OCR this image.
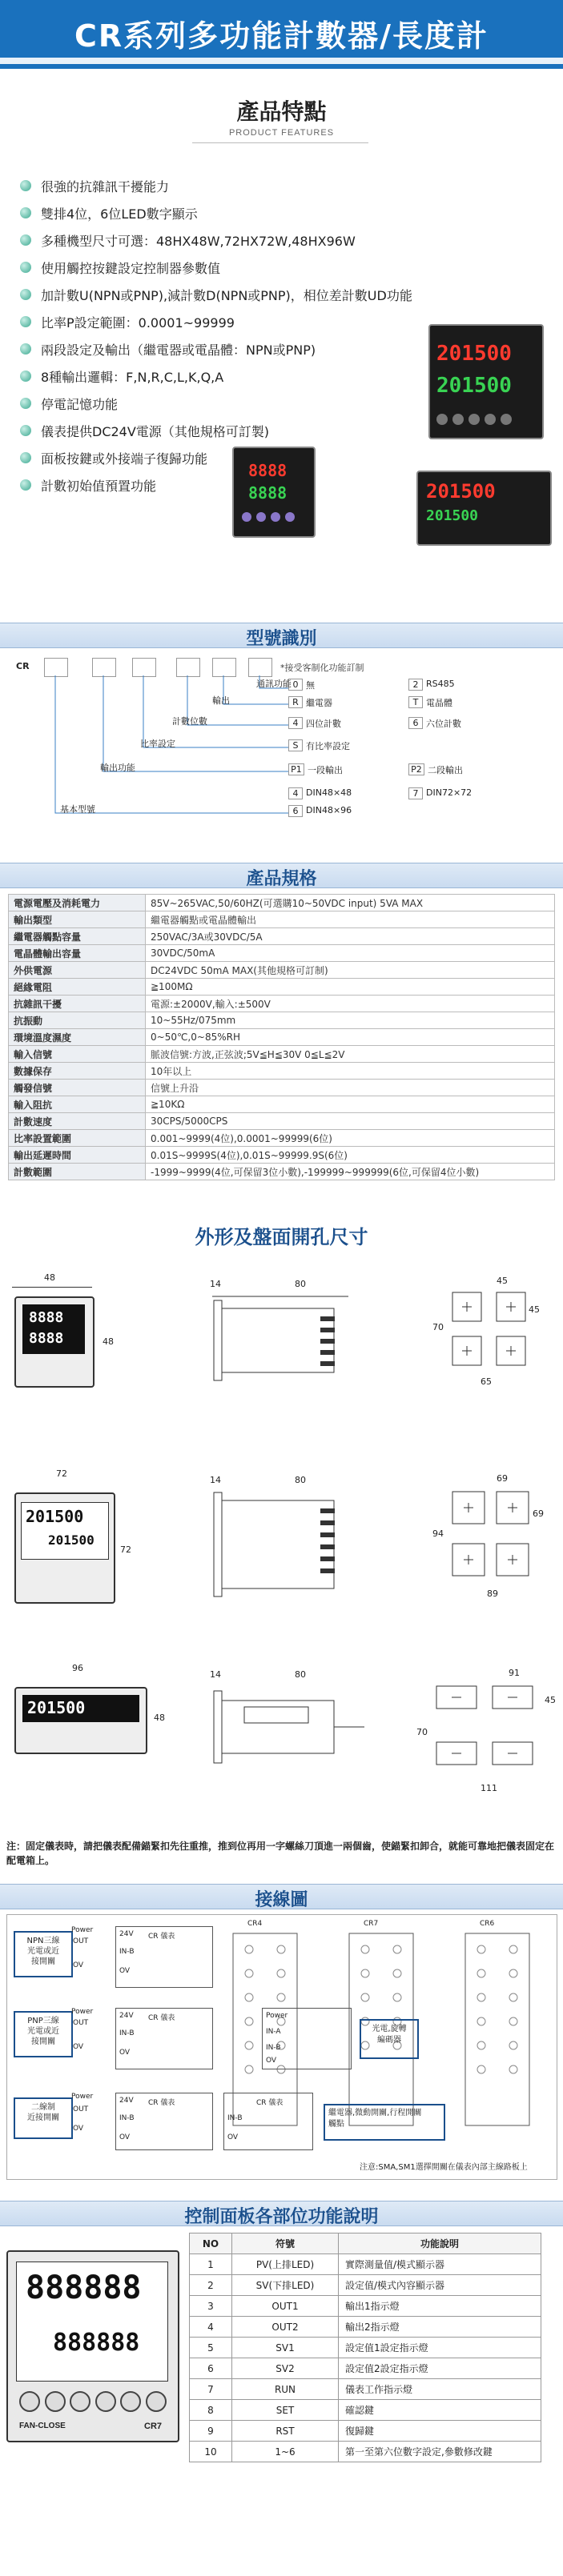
CR系列多功能計數器/長度計
產品特點
PRODUCT FEATURES
很強的抗雜訊干擾能力
雙排4位，6位LED數字顯示
多種機型尺寸可選：48HX48W,72HX72W,48HX96W
使用觸控按鍵設定控制器參數值
加計數U(NPN或PNP),減計數D(NPN或PNP)，相位差計數UD功能
比率P設定範圍：0.0001~99999
兩段設定及輸出（繼電器或電晶體：NPN或PNP)
8種輸出邏輯：F,N,R,C,L,K,Q,A
停電記憶功能
儀表提供DC24V電源（其他規格可訂製)
面板按鍵或外接端子復歸功能
計數初始值預置功能
201500
201500
8888
8888	201500
201500
型號識別
CR	*接受客制化功能訂制
通訊功能
輸出
計數位數
比率設定
輸出功能
基本型號
0 無	2 RS485
R 繼電器	T 電晶體
4 四位計數	6 六位計數
S 有比率設定
P1 一段輸出	P2 二段輸出
4 DIN48×48	7 DIN72×72
6 DIN48×96
產品規格
電源電壓及消耗電力	85V~265VAC,50/60HZ(可選購10~50VDC input) 5VA MAX
輸出類型	繼電器觸點或電晶體輸出
繼電器觸點容量	250VAC/3A或30VDC/5A
電晶體輸出容量	30VDC/50mA
外供電源	DC24VDC 50mA MAX(其他規格可訂制)
絕緣電阻	≧100MΩ
抗雜訊干擾	電源:±2000V,輸入:±500V
抗振動	10~55Hz/075mm
環境溫度濕度	0~50℃,0~85%RH
輸入信號	脈波信號:方波,正弦波;5V≦H≦30V 0≦L≦2V
數據保存	10年以上
觸發信號	信號上升沿
輸入阻抗	≧10KΩ
計數速度	30CPS/5000CPS
比率設置範圍	0.001~9999(4位),0.0001~99999(6位)
輸出延遲時間	0.01S~9999S(4位),0.01S~99999.9S(6位)
計數範圍	-1999~9999(4位,可保留3位小數),-199999~999999(6位,可保留4位小數)
外形及盤面開孔尺寸
48
8888
8888	48
14	80	45
45
70
65
72
201500
201500
72
14	80	69
69
94
89
96
201500
48
14	80	91
45
70
111
注：固定儀表時，請把儀表配備錨緊扣先往重推，推到位再用一字螺絲刀頂進一兩個齒，使錨緊扣卸合，就能可靠地把儀表固定在配電箱上。
接線圖
CR4	CR7	CR6
NPN三線
光電或近
接開關
Power
OUT
OV
24V CR 儀表
IN-B
OV
PNP三線
光電或近
接開關
Power
OUT
OV
24V CR 儀表
IN-B
OV
Power
IN-A
IN-B
OV
光電,旋轉
編碼器
二線制
近接開關
Power
OUT
OV
24V CR 儀表
IN-B
OV
CR 儀表
IN-B
OV
繼電器,微動開關,行程開關
觸點
注意:SMA,SM1選擇開關在儀表內部主線路板上
控制面板各部位功能說明
888888
888888
FAN-CLOSE	CR7
NO	符號	功能說明
1	PV(上排LED)	實際測量值/模式顯示器
2	SV(下排LED)	設定值/模式內容顯示器
3	OUT1	輸出1指示燈
4	OUT2	輸出2指示燈
5	SV1	設定值1設定指示燈
6	SV2	設定值2設定指示燈
7	RUN	儀表工作指示燈
8	SET	確認鍵
9	RST	復歸鍵
10	1~6	第一至第六位數字設定,參數修改鍵
